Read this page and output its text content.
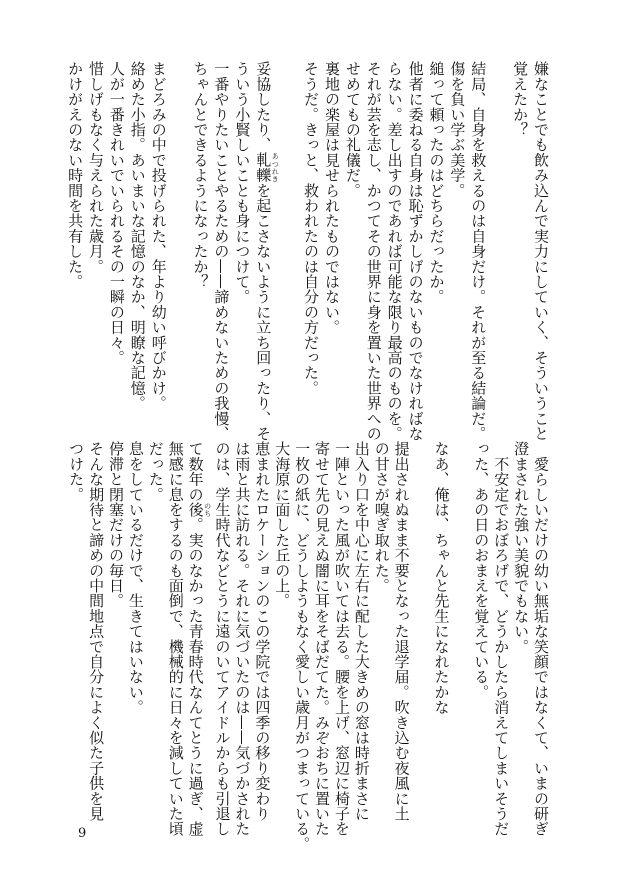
嫌なことでも飲み込んで実力にしていく、そういうこと
覚えたか？
結局、自身を救えるのは自身だけ。それが至る結論だ。
傷を負い学ぶ美学。
縋って頼ったのはどちらだったか。
他者に委ねる自身は恥ずかしげのないものでなければな
らない。差し出すのであれば可能な限り最高のものを。
それが芸を志し、かつてその世界に身を置いた世界への
せめてもの礼儀だ。
裏地の楽屋は見せられたものではない。
そうだ。きっと、救われたのは自分の方だった。
妥協したり、軋轢 あつれきを起こさないように立ち回ったり、そ
ういう小賢しいことも身につけて。
一番やりたいことやるための——諦めないための我慢、
ちゃんとできるようになったか？
まどろみの中で投げられた、年より幼い呼びかけ。
絡めた小指。あいまいな記憶のなか、明瞭な記憶。
人が一番きれいでいられるその一瞬の日々。
惜しげもなく与えられた歳月。
かけがえのない時間を共有した。
　愛らしいだけの幼い無垢な笑顔ではなくて、いまの研ぎ
澄まされた強い美貌でもない。
　不安定でおぼろげで、どうかしたら消えてしまいそうだ
った、あの日のおまえを覚えている。
なあ、俺は、ちゃんと先生になれたかな
提出されぬまま不要となった退学届。吹き込む夜風に土
の甘さが嗅ぎ取れた。
出入り口を中心に左右に配した大きめの窓は時折まさに
一陣といった風が吹いては去る。腰を上げ、窓辺に椅子を
寄せて先の見えぬ闇に耳をそばだてた。みぞおちに置いた
一枚の紙に、どうしようもなく愛しい歳月がつまっている。
大海原に面した丘の上。
恵まれたロケーションのこの学院では四季の移り変わり
は雨と共に訪れる。それに気づいたのは——気づかされた
のは、学生時代などとうに遠のいてアイドルからも引退し
て数年の後 のち。実のなかった青春時代なんてとうに過ぎ、虚
無感に息をするのも面倒で、機械的に日々を減していた頃
だった。
息をしているだけで、生きてはいない。
停滞と閉塞だけの毎日。
そんな期待と諦めの中間地点で自分によく似た子供を見
つけた。
9
